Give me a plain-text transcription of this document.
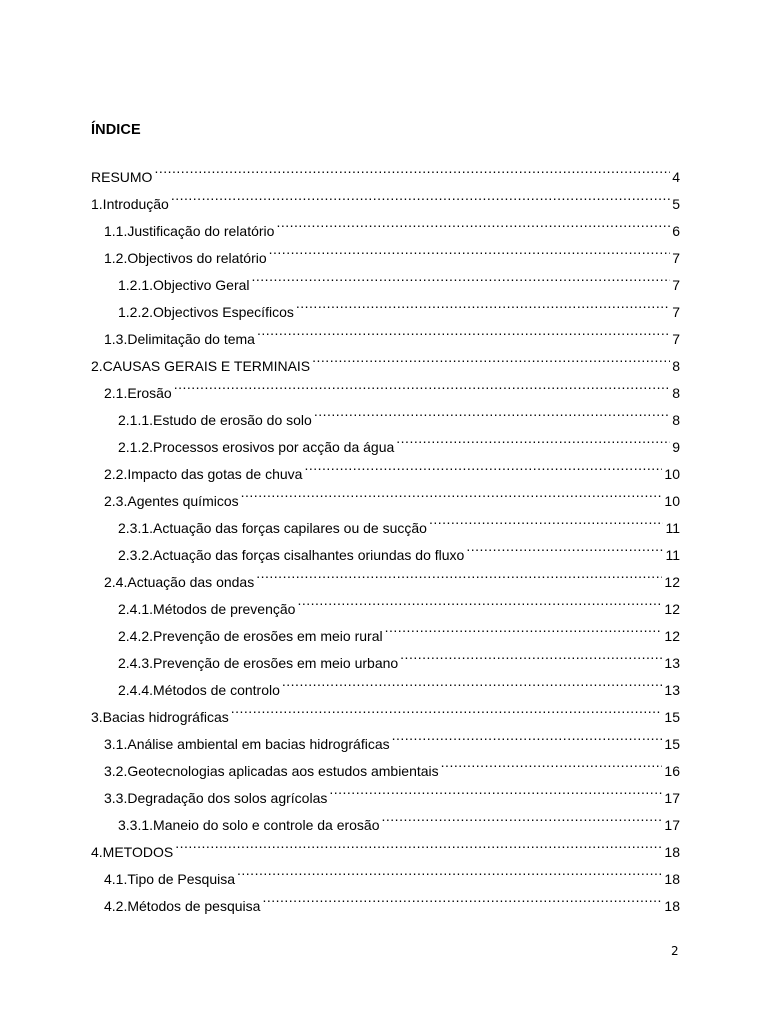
ÍNDICE
RESUMO .....	4
1.Introdução .....	5
1.1.Justificação do relatório .....	6
1.2.Objectivos do relatório .....	7
1.2.1.Objectivo Geral .....	7
1.2.2.Objectivos Específicos .....	7
1.3.Delimitação do tema .....	7
2.CAUSAS GERAIS E TERMINAIS .....	8
2.1.Erosão .....	8
2.1.1.Estudo de erosão do solo .....	8
2.1.2.Processos erosivos por acção da água .....	9
2.2.Impacto das gotas de chuva .....	10
2.3.Agentes químicos .....	10
2.3.1.Actuação das forças capilares ou de sucção .....	11
2.3.2.Actuação das forças cisalhantes oriundas do fluxo .....	11
2.4.Actuação das ondas .....	12
2.4.1.Métodos de prevenção .....	12
2.4.2.Prevenção de erosões em meio rural .....	12
2.4.3.Prevenção de erosões em meio urbano .....	13
2.4.4.Métodos de controlo .....	13
3.Bacias hidrográficas .....	15
3.1.Análise ambiental em bacias hidrográficas .....	15
3.2.Geotecnologias aplicadas aos estudos ambientais .....	16
3.3.Degradação dos solos agrícolas .....	17
3.3.1.Maneio do solo e controle da erosão .....	17
4.METODOS .....	18
4.1.Tipo de Pesquisa .....	18
4.2.Métodos de pesquisa .....	18
2
